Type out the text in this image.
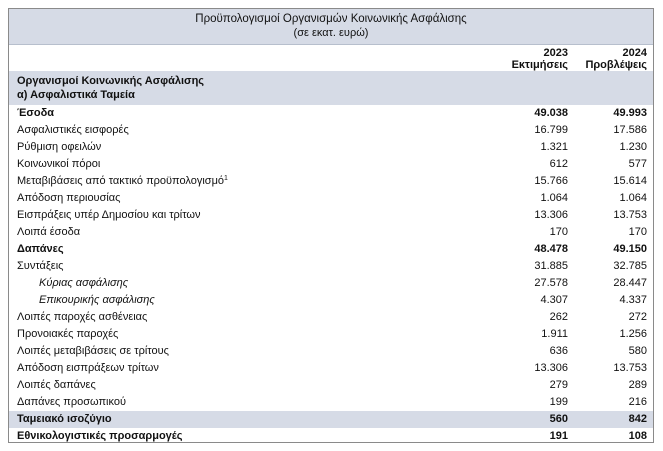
Προϋπολογισμοί Οργανισμών Κοινωνικής Ασφάλισης
(σε εκατ. ευρώ)
2023
Εκτιμήσεις
2024
Προβλέψεις
Οργανισμοί Κοινωνικής Ασφάλισης
α) Ασφαλιστικά Ταμεία
Έσοδα	49.038	49.993
Ασφαλιστικές εισφορές	16.799	17.586
Ρύθμιση οφειλών	1.321	1.230
Κοινωνικοί πόροι	612	577
Μεταβιβάσεις από τακτικό προϋπολογισμό$^1$	15.766	15.614
Απόδοση περιουσίας	1.064	1.064
Εισπράξεις υπέρ Δημοσίου και τρίτων	13.306	13.753
Λοιπά έσοδα	170	170
Δαπάνες	48.478	49.150
Συντάξεις	31.885	32.785
Κύριας ασφάλισης	27.578	28.447
Επικουρικής ασφάλισης	4.307	4.337
Λοιπές παροχές ασθένειας	262	272
Προνοιακές παροχές	1.911	1.256
Λοιπές μεταβιβάσεις σε τρίτους	636	580
Απόδοση εισπράξεων τρίτων	13.306	13.753
Λοιπές δαπάνες	279	289
Δαπάνες προσωπικού	199	216
Ταμειακό ισοζύγιο	560	842
Εθνικολογιστικές προσαρμογές	191	108
